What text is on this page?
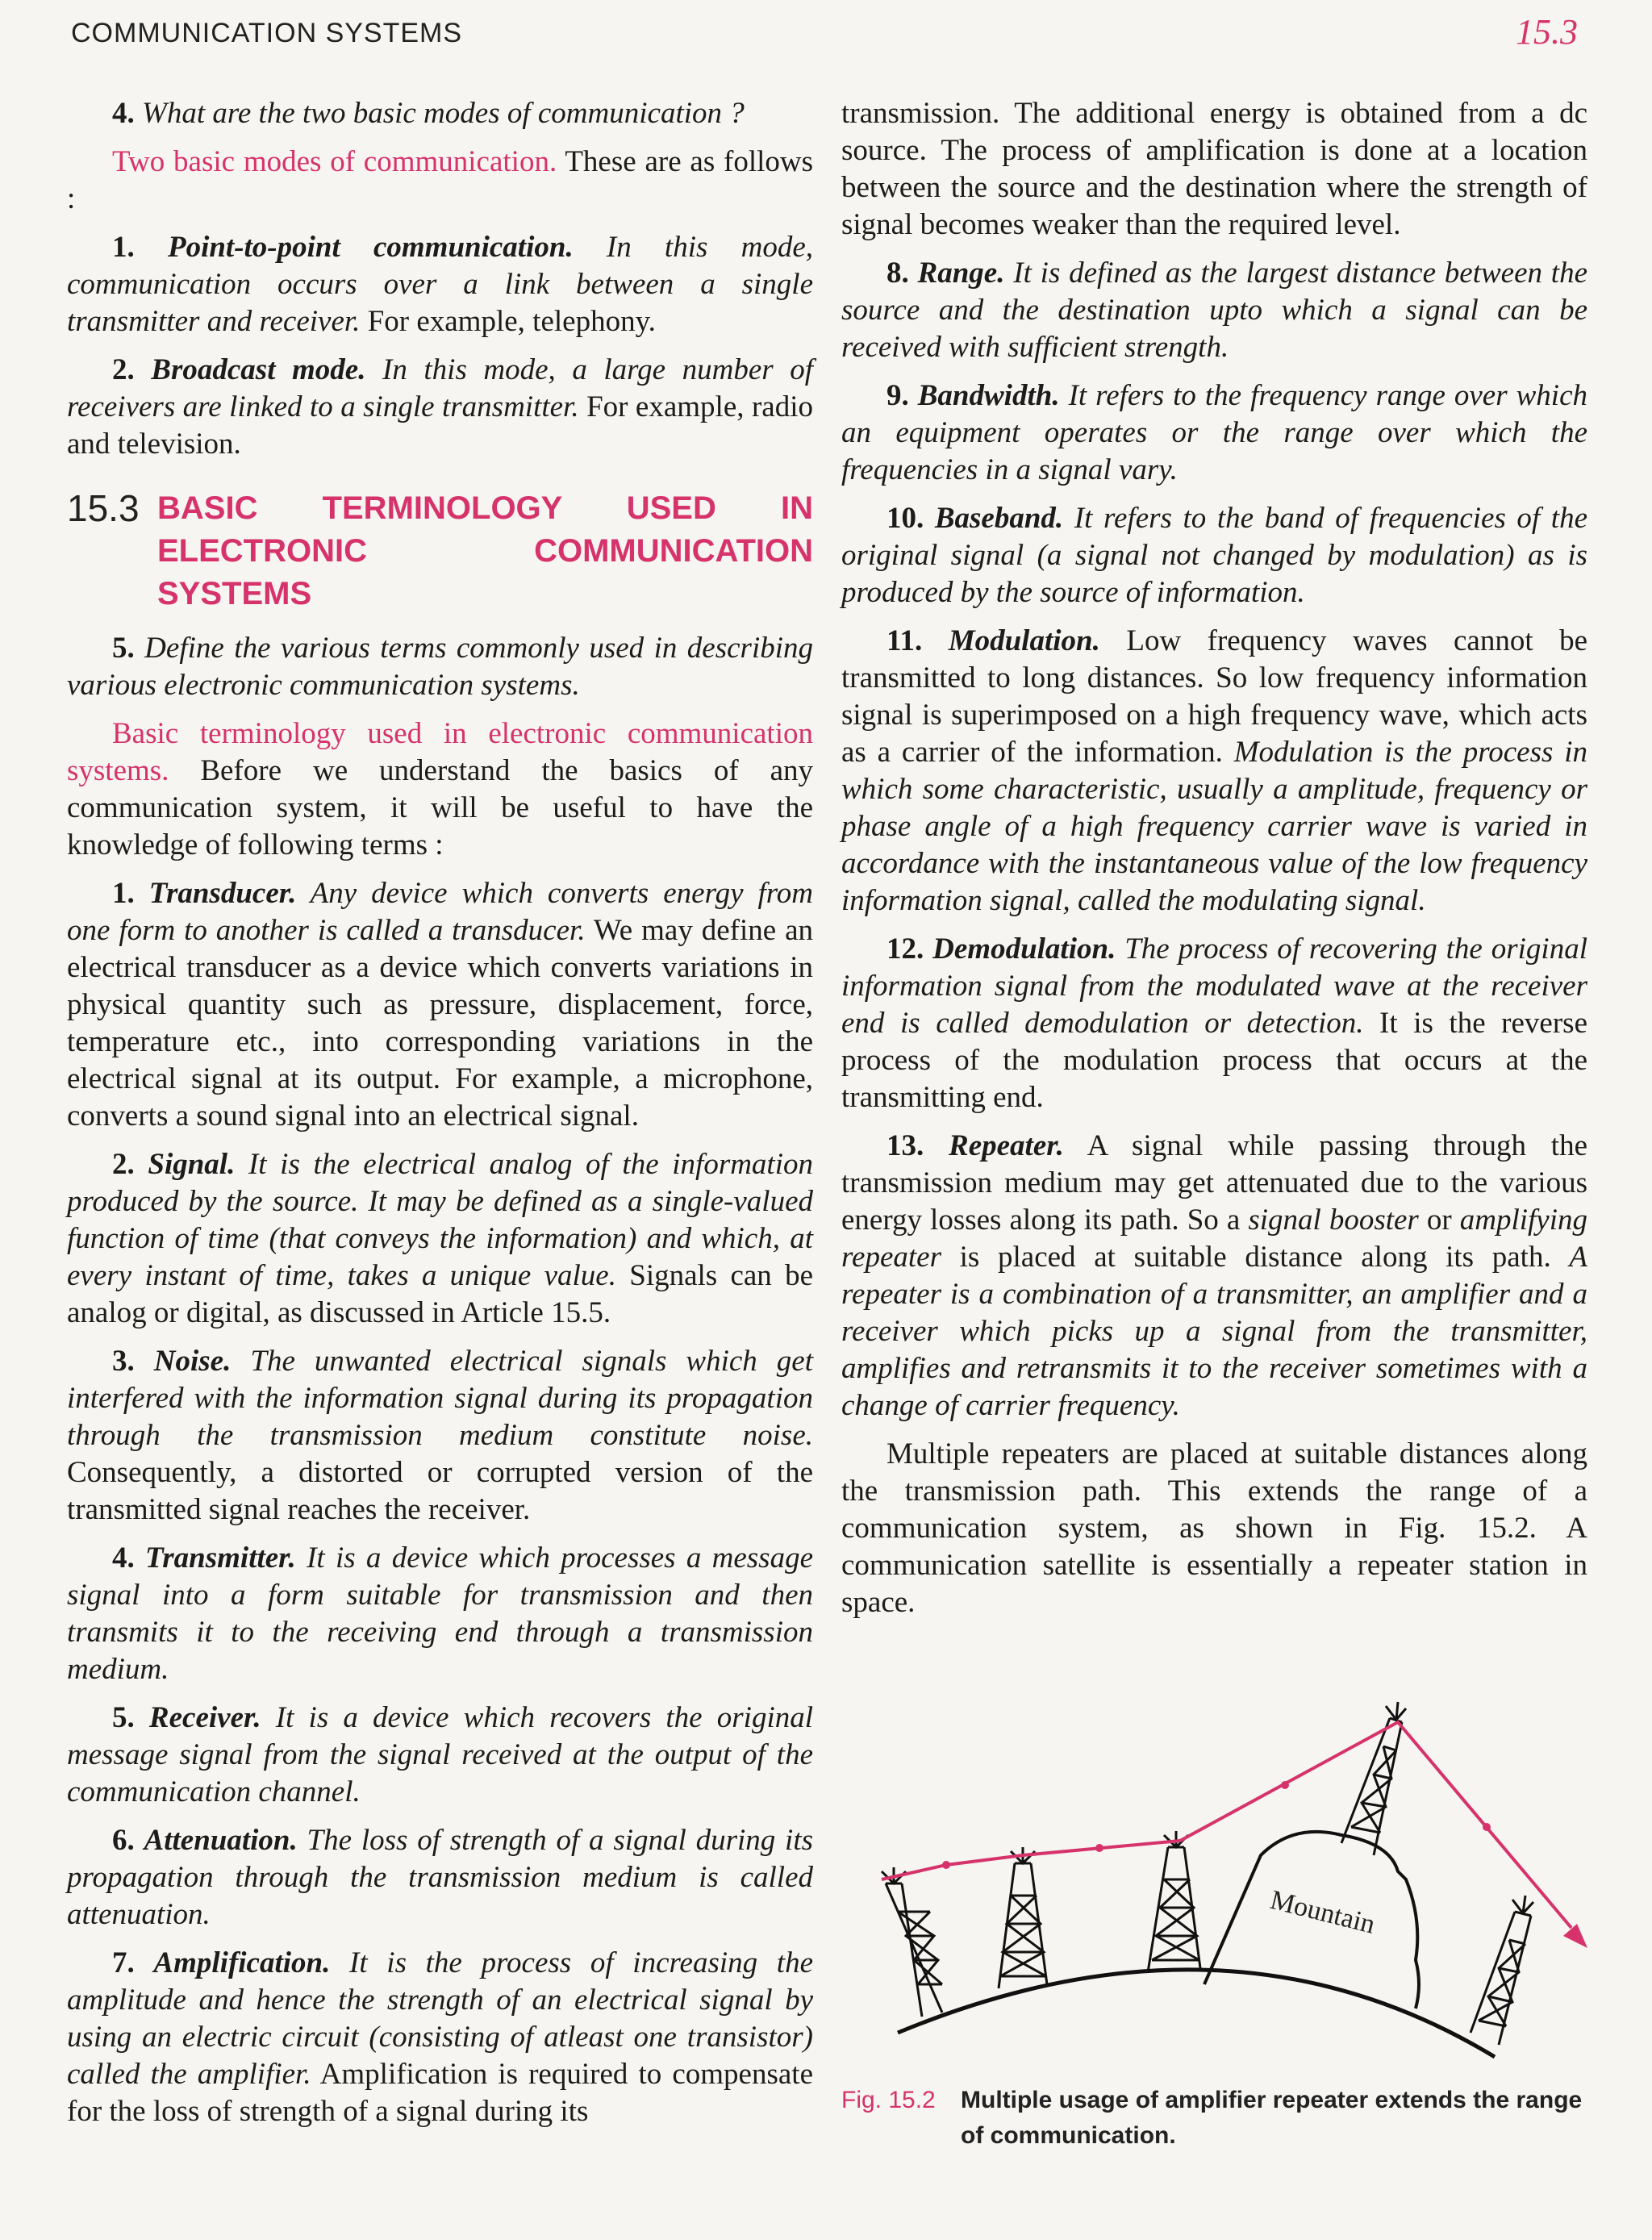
COMMUNICATION SYSTEMS	15.3

4. What are the two basic modes of communication ?

Two basic modes of communication. These are as follows :

1. Point-to-point communication. In this mode, communication occurs over a link between a single transmitter and receiver. For example, telephony.

2. Broadcast mode. In this mode, a large number of receivers are linked to a single transmitter. For example, radio and television.

15.3 BASIC TERMINOLOGY USED IN ELECTRONIC COMMUNICATION SYSTEMS

5. Define the various terms commonly used in describing various electronic communication systems.

Basic terminology used in electronic communication systems. Before we understand the basics of any communication system, it will be useful to have the knowledge of following terms :

1. Transducer. Any device which converts energy from one form to another is called a transducer. We may define an electrical transducer as a device which converts variations in physical quantity such as pressure, displacement, force, temperature etc., into corresponding variations in the electrical signal at its output. For example, a microphone, converts a sound signal into an electrical signal.

2. Signal. It is the electrical analog of the information produced by the source. It may be defined as a single-valued function of time (that conveys the information) and which, at every instant of time, takes a unique value. Signals can be analog or digital, as discussed in Article 15.5.

3. Noise. The unwanted electrical signals which get interfered with the information signal during its propagation through the transmission medium constitute noise. Consequently, a distorted or corrupted version of the transmitted signal reaches the receiver.

4. Transmitter. It is a device which processes a message signal into a form suitable for transmission and then transmits it to the receiving end through a transmission medium.

5. Receiver. It is a device which recovers the original message signal from the signal received at the output of the communication channel.

6. Attenuation. The loss of strength of a signal during its propagation through the transmission medium is called attenuation.

7. Amplification. It is the process of increasing the amplitude and hence the strength of an electrical signal by using an electric circuit (consisting of atleast one transistor) called the amplifier. Amplification is required to compensate for the loss of strength of a signal during its

transmission. The additional energy is obtained from a dc source. The process of amplification is done at a location between the source and the destination where the strength of signal becomes weaker than the required level.

8. Range. It is defined as the largest distance between the source and the destination upto which a signal can be received with sufficient strength.

9. Bandwidth. It refers to the frequency range over which an equipment operates or the range over which the frequencies in a signal vary.

10. Baseband. It refers to the band of frequencies of the original signal (a signal not changed by modulation) as is produced by the source of information.

11. Modulation. Low frequency waves cannot be transmitted to long distances. So low frequency information signal is superimposed on a high frequency wave, which acts as a carrier of the information. Modulation is the process in which some characteristic, usually a amplitude, frequency or phase angle of a high frequency carrier wave is varied in accordance with the instantaneous value of the low frequency information signal, called the modulating signal.

12. Demodulation. The process of recovering the original information signal from the modulated wave at the receiver end is called demodulation or detection. It is the reverse process of the modulation process that occurs at the transmitting end.

13. Repeater. A signal while passing through the transmission medium may get attenuated due to the various energy losses along its path. So a signal booster or amplifying repeater is placed at suitable distance along its path. A repeater is a combination of a transmitter, an amplifier and a receiver which picks up a signal from the transmitter, amplifies and retransmits it to the receiver sometimes with a change of carrier frequency.

Multiple repeaters are placed at suitable distances along the transmission path. This extends the range of a communication system, as shown in Fig. 15.2. A communication satellite is essentially a repeater station in space.

Mountain
Fig. 15.2	Multiple usage of amplifier repeater extends the range of communication.
